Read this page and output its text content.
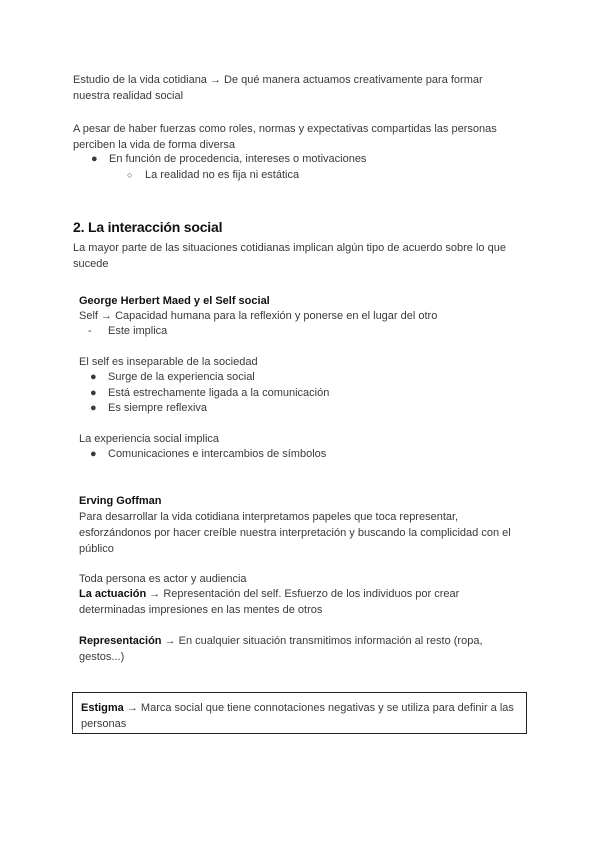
Estudio de la vida cotidiana → De qué manera actuamos creativamente para formar
nuestra realidad social

A pesar de haber fuerzas como roles, normas y expectativas compartidas las personas
perciben la vida de forma diversa

● En función de procedencia, intereses o motivaciones
○ La realidad no es fija ni estática
2. La interacción social

La mayor parte de las situaciones cotidianas implican algún tipo de acuerdo sobre lo que
sucede

George Herbert Maed y el Self social

Self → Capacidad humana para la reflexión y ponerse en el lugar del otro

- Este implica

El self es inseparable de la sociedad

● Surge de la experiencia social
● Está estrechamente ligada a la comunicación
● Es siempre reflexiva

La experiencia social implica

● Comunicaciones e intercambios de símbolos

Erving Goffman

Para desarrollar la vida cotidiana interpretamos papeles que toca representar,
esforzándonos por hacer creíble nuestra interpretación y buscando la complicidad con el
público

Toda persona es actor y audiencia

La actuación → Representación del self. Esfuerzo de los individuos por crear
determinadas impresiones en las mentes de otros

Representación → En cualquier situación transmitimos información al resto (ropa,
gestos...)

Estigma → Marca social que tiene connotaciones negativas y se utiliza para definir a las
personas
